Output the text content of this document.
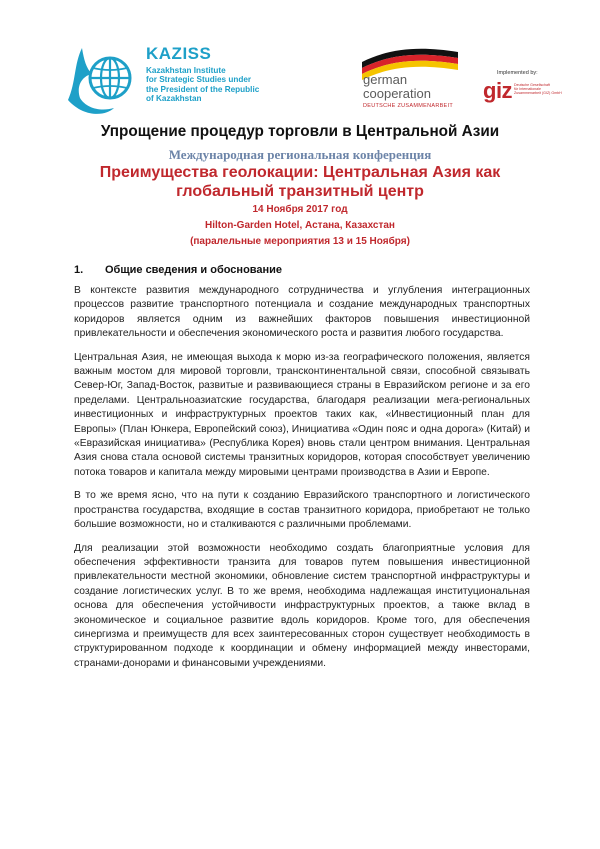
KAZISS
Kazakhstan Institute
for Strategic Studies under
the President of the Republic
of Kazakhstan
german
cooperation
DEUTSCHE ZUSAMMENARBEIT
Implemented by:
giz Deutsche Gesellschaft
für Internationale
Zusammenarbeit (GIZ) GmbH
Упрощение процедур торговли в Центральной Азии
Международная региональная конференция
Преимущества геолокации: Центральная Азия как
глобальный транзитный центр
14 Ноября 2017 год
Hilton-Garden Hotel, Астана, Казахстан
(паралельные мероприятия 13 и 15 Ноября)
1. Общие сведения и обоснование

В контексте развития международного сотрудничества и углубления интеграционных процессов развитие транспортного потенциала и создание международных транспортных коридоров является одним из важнейших факторов повышения инвестиционной привлекательности и обеспечения экономического роста и развития любого государства.

Центральная Азия, не имеющая выхода к морю из-за географического положения, является важным мостом для мировой торговли, трансконтинентальной связи, способной связывать Север-Юг, Запад-Восток, развитые и развивающиеся страны в Евразийском регионе и за его пределами. Центральноазиатские государства, благодаря реализации мега-региональных инвестиционных и инфраструктурных проектов таких как, «Инвестиционный план для Европы» (План Юнкера, Европейский союз), Инициатива «Один пояс и одна дорога» (Китай) и «Евразийская инициатива» (Республика Корея) вновь стали центром внимания. Центральная Азия снова стала основой системы транзитных коридоров, которая способствует увеличению потока товаров и капитала между мировыми центрами производства в Азии и Европе.

В то же время ясно, что на пути к созданию Евразийского транспортного и логистического пространства государства, входящие в состав транзитного коридора, приобретают не только большие возможности, но и сталкиваются с различными проблемами.

Для реализации этой возможности необходимо создать благоприятные условия для обеспечения эффективности транзита для товаров путем повышения инвестиционной привлекательности местной экономики, обновление систем транспортной инфраструктуры и создание логистических услуг. В то же время, необходима надлежащая институциональная основа для обеспечения устойчивости инфраструктурных проектов, а также вклад в экономическое и социальное развитие вдоль коридоров. Кроме того, для обеспечения синергизма и преимуществ для всех заинтересованных сторон существует необходимость в структурированном подходе к координации и обмену информацией между инвесторами, странами-донорами и финансовыми учреждениями.
